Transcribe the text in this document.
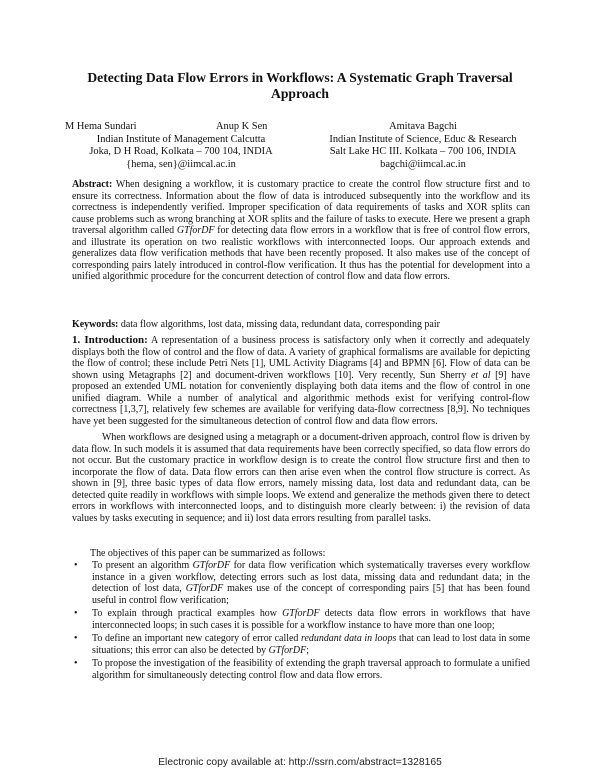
Detecting Data Flow Errors in Workflows: A Systematic Graph Traversal
Approach
M Hema Sundari	Anup K Sen
Indian Institute of Management Calcutta
Joka, D H Road, Kolkata – 700 104, INDIA
{hema, sen}@iimcal.ac.in
Amitava Bagchi
Indian Institute of Science, Educ & Research
Salt Lake HC III. Kolkata – 700 106, INDIA
bagchi@iimcal.ac.in
Abstract: When designing a workflow, it is customary practice to create the control flow structure first and to ensure its correctness. Information about the flow of data is introduced subsequently into the workflow and its correctness is independently verified. Improper specification of data requirements of tasks and XOR splits can cause problems such as wrong branching at XOR splits and the failure of tasks to execute. Here we present a graph traversal algorithm called GTforDF for detecting data flow errors in a workflow that is free of control flow errors, and illustrate its operation on two realistic workflows with interconnected loops. Our approach extends and generalizes data flow verification methods that have been recently proposed. It also makes use of the concept of corresponding pairs lately introduced in control-flow verification. It thus has the potential for development into a unified algorithmic procedure for the concurrent detection of control flow and data flow errors.
Keywords: data flow algorithms, lost data, missing data, redundant data, corresponding pair
1. Introduction: A representation of a business process is satisfactory only when it correctly and adequately displays both the flow of control and the flow of data. A variety of graphical formalisms are available for depicting the flow of control; these include Petri Nets [1], UML Activity Diagrams [4] and BPMN [6]. Flow of data can be shown using Metagraphs [2] and document-driven workflows [10]. Very recently, Sun Sherry et al [9] have proposed an extended UML notation for conveniently displaying both data items and the flow of control in one unified diagram. While a number of analytical and algorithmic methods exist for verifying control-flow correctness [1,3,7], relatively few schemes are available for verifying data-flow correctness [8,9]. No techniques have yet been suggested for the simultaneous detection of control flow and data flow errors.
When workflows are designed using a metagraph or a document-driven approach, control flow is driven by data flow. In such models it is assumed that data requirements have been correctly specified, so data flow errors do not occur. But the customary practice in workflow design is to create the control flow structure first and then to incorporate the flow of data. Data flow errors can then arise even when the control flow structure is correct. As shown in [9], three basic types of data flow errors, namely missing data, lost data and redundant data, can be detected quite readily in workflows with simple loops. We extend and generalize the methods given there to detect errors in workflows with interconnected loops, and to distinguish more clearly between: i) the revision of data values by tasks executing in sequence; and ii) lost data errors resulting from parallel tasks.
The objectives of this paper can be summarized as follows:
• To present an algorithm GTforDF for data flow verification which systematically traverses every workflow instance in a given workflow, detecting errors such as lost data, missing data and redundant data; in the detection of lost data, GTforDF makes use of the concept of corresponding pairs [5] that has been found useful in control flow verification;
• To explain through practical examples how GTforDF detects data flow errors in workflows that have interconnected loops; in such cases it is possible for a workflow instance to have more than one loop;
• To define an important new category of error called redundant data in loops that can lead to lost data in some situations; this error can also be detected by GTforDF;
• To propose the investigation of the feasibility of extending the graph traversal approach to formulate a unified algorithm for simultaneously detecting control flow and data flow errors.
Electronic copy available at: http://ssrn.com/abstract=1328165
